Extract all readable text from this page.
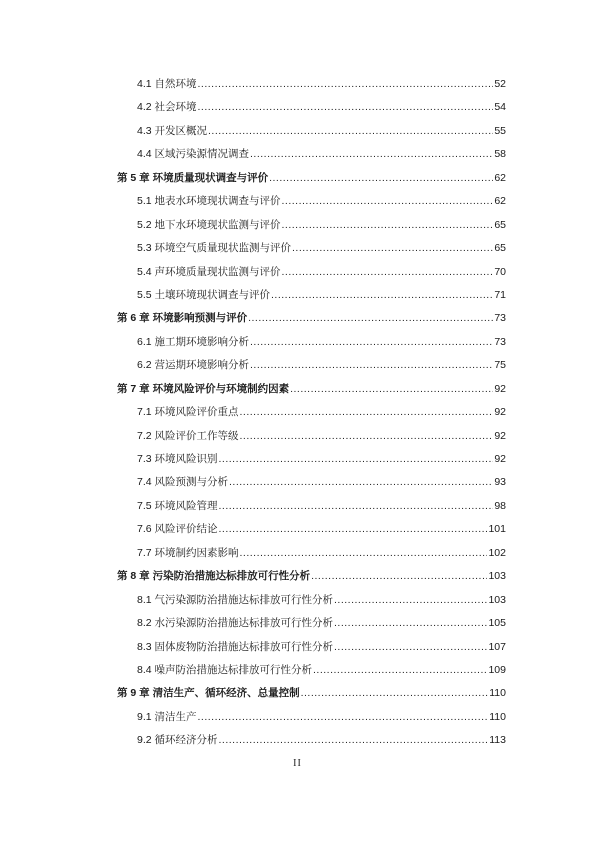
4.1 自然环境 .....	52
4.2 社会环境 .....	54
4.3 开发区概况 .....	55
4.4 区域污染源情况调查 .....	58
第 5 章 环境质量现状调查与评价 .....	62
5.1 地表水环境现状调查与评价 .....	62
5.2 地下水环境现状监测与评价 .....	65
5.3 环境空气质量现状监测与评价 .....	65
5.4 声环境质量现状监测与评价 .....	70
5.5 土壤环境现状调查与评价 .....	71
第 6 章 环境影响预测与评价 .....	73
6.1 施工期环境影响分析 .....	73
6.2 营运期环境影响分析 .....	75
第 7 章 环境风险评价与环境制约因素 .....	92
7.1 环境风险评价重点 .....	92
7.2 风险评价工作等级 .....	92
7.3 环境风险识别 .....	92
7.4 风险预测与分析 .....	93
7.5 环境风险管理 .....	98
7.6 风险评价结论 .....	101
7.7 环境制约因素影响 .....	102
第 8 章 污染防治措施达标排放可行性分析 .....	103
8.1 气污染源防治措施达标排放可行性分析 .....	103
8.2 水污染源防治措施达标排放可行性分析 .....	105
8.3 固体废物防治措施达标排放可行性分析 .....	107
8.4 噪声防治措施达标排放可行性分析 .....	109
第 9 章 清洁生产、循环经济、总量控制 .....	110
9.1 清洁生产 .....	110
9.2 循环经济分析 .....	113
II
